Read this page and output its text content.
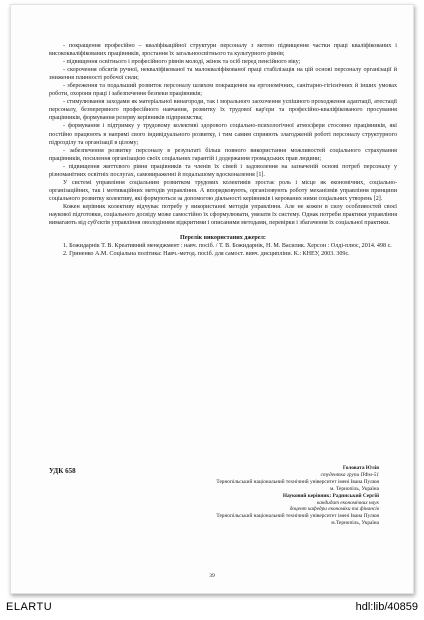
- покращення професійно – кваліфікаційної структури персоналу з метою підвищення частки праці кваліфікованих і висококваліфікованих працівників, зростання їх загальноосвітнього та культурного рівнів;

- підвищення освітнього і професійного рівнів молоді, жінок та осіб перед пенсійного віку;

- скорочення обсягів ручної, некваліфікованої та малокваліфікованої праці стабілізація на цій основі персоналу організації й зниження плинності робочої сили;

- збереження та подальший розвиток персоналу шляхом покращення на ергономічних, санітарно-гігієнічних й інших умовах роботи, охорони праці і забезпечення безпеки працівників;

- стимулювання заходами як матеріальної винагороди, так і морального заохочення успішного проходження адаптації, атестації персоналу, безперервного професійного навчання, розвитку їх трудової кар'єри та професійно-кваліфікованого просування працівників, формування резерву керівників підприємства;

- формування і підтримку у трудовому колективі здорового соціально-психологічної атмосфери стосовно працівників, які постійно працюють в напрямі свого індивідуального розвитку, і тим самим сприяють злагодженій роботі персоналу структурного підрозділу та організації в цілому;

- забезпечення розвитку персоналу в результаті більш повного використання можливостей соціального страхування працівників, посилення організацією своїх соціальних гарантій і додержання громадських прав людини;

- підвищення життєвого рівня працівників та членів їх сімей і задоволення на зазначеній основі потреб персоналу у різноманітних освітніх послугах, самовираженні й подальшому вдосконалення [1].

У системі управління соціальним розвитком трудових колективів зростає роль і місце як економічних, соціально-організаційних, так і мотиваційних методів управління. А впорядковують, організовують роботу механізмів управління принципи соціального розвитку колективу, які формуються за допомогою діяльності керівників і керованих ними соціальних утворень [2].

Кожен керівник колективу відчуває потребу у використанні методів управління. Але не кожен в силу особливостей своєї наукової підготовки, соціального досвіду може самостійно їх сформулювати, увязати їх систему. Однак потреби практики управління вимагають від суб'єктів управління оволодінням відкритими і описаними методами, перевірки і збагачення їх соціальної практики.

Перелік використаних джерел:

1. Божидарнік Т. В. Креативний менеджмент : навч. посіб. / Т. В. Божидарнік, Н. М. Василик. Херсон : Олді-плюс, 2014. 498 с.

2. Гриненко А.М. Соціальна політика: Навч.-метод. посіб. для самост. вивч. дисципліни. К.: КНЕУ, 2003. 309с.

УДК 658	Головата Юлія
студентка групи ПФм-51
Тернопільський національний технічний університет імені Івана Пулюя
м. Тернопіль, Україна
Науковий керівник: Радинський Сергій
кандидат економічних наук
доцент кафедри економіки та фінансів
Тернопільський національний технічний університет імені Івана Пулюя
м.Тернопіль, Україна
39
ELARTU	hdl:lib/40859
